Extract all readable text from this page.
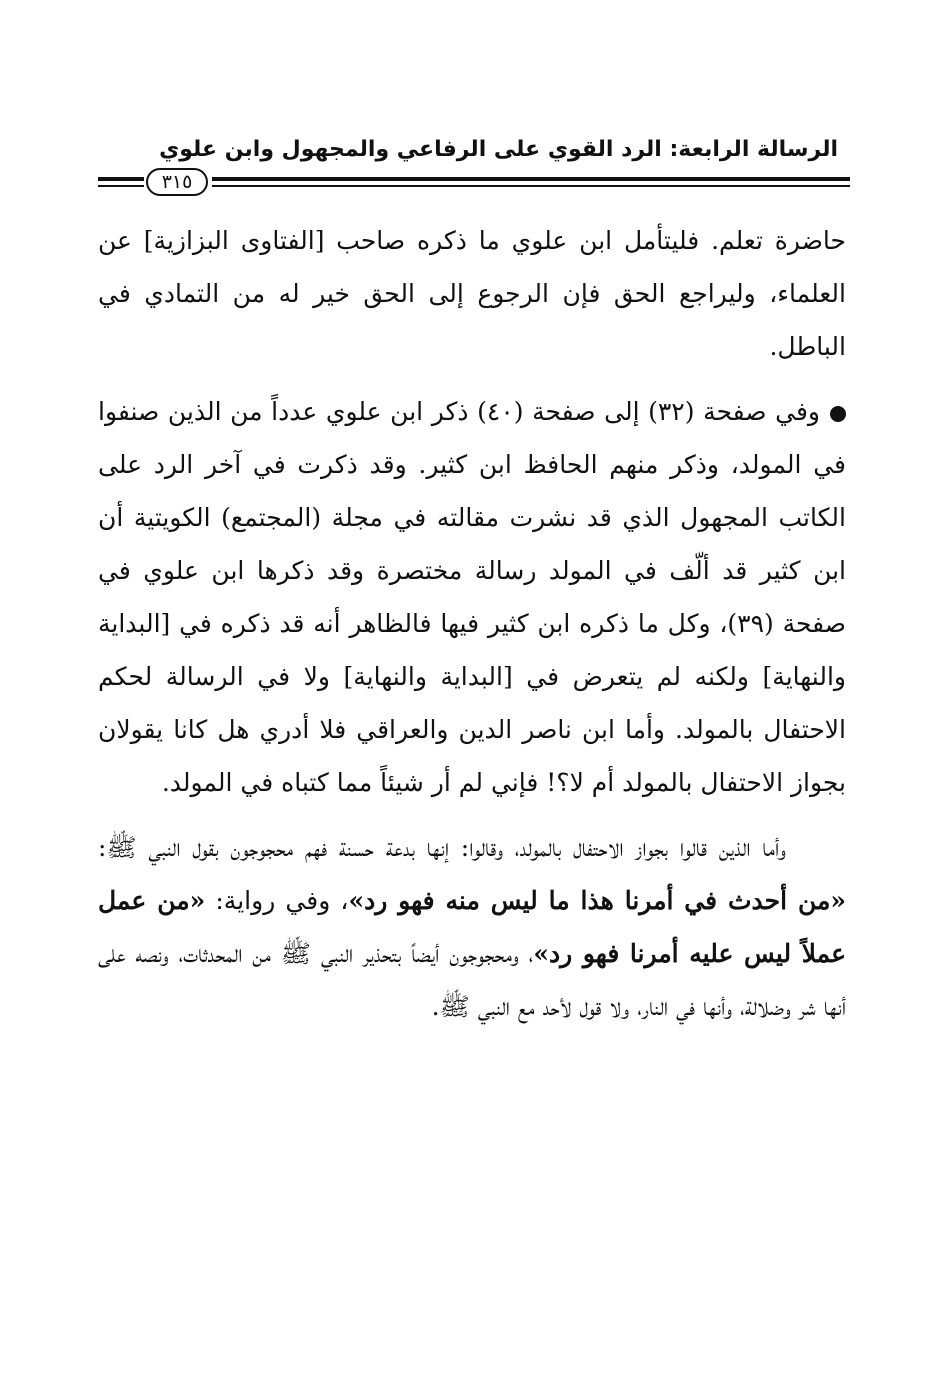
الرسالة الرابعة: الرد القوي على الرفاعي والمجهول وابن علوي
٣١٥

حاضرة تعلم. فليتأمل ابن علوي ما ذكره صاحب [الفتاوى البزازية] عن العلماء، وليراجع الحق فإن الرجوع إلى الحق خير له من التمادي في الباطل.

وفي صفحة (٣٢) إلى صفحة (٤٠) ذكر ابن علوي عدداً من الذين صنفوا في المولد، وذكر منهم الحافظ ابن كثير. وقد ذكرت في آخر الرد على الكاتب المجهول الذي قد نشرت مقالته في مجلة (المجتمع) الكويتية أن ابن كثير قد ألّف في المولد رسالة مختصرة وقد ذكرها ابن علوي في صفحة (٣٩)، وكل ما ذكره ابن كثير فيها فالظاهر أنه قد ذكره في [البداية والنهاية] ولكنه لم يتعرض في [البداية والنهاية] ولا في الرسالة لحكم الاحتفال بالمولد. وأما ابن ناصر الدين والعراقي فلا أدري هل كانا يقولان بجواز الاحتفال بالمولد أم لا؟! فإني لم أر شيئاً مما كتباه في المولد.

وأما الذين قالوا بجواز الاحتفال بالمولد، وقالوا: إنها بدعة حسنة فهم محجوجون بقول النبي ﷺ: «من أحدث في أمرنا هذا ما ليس منه فهو رد»، وفي رواية: «من عمل عملاً ليس عليه أمرنا فهو رد»، ومحجوجون أيضاً بتحذير النبي ﷺ من المحدثات، ونصه على أنها شر وضلالة، وأنها في النار، ولا قول لأحد مع النبي ﷺ.
